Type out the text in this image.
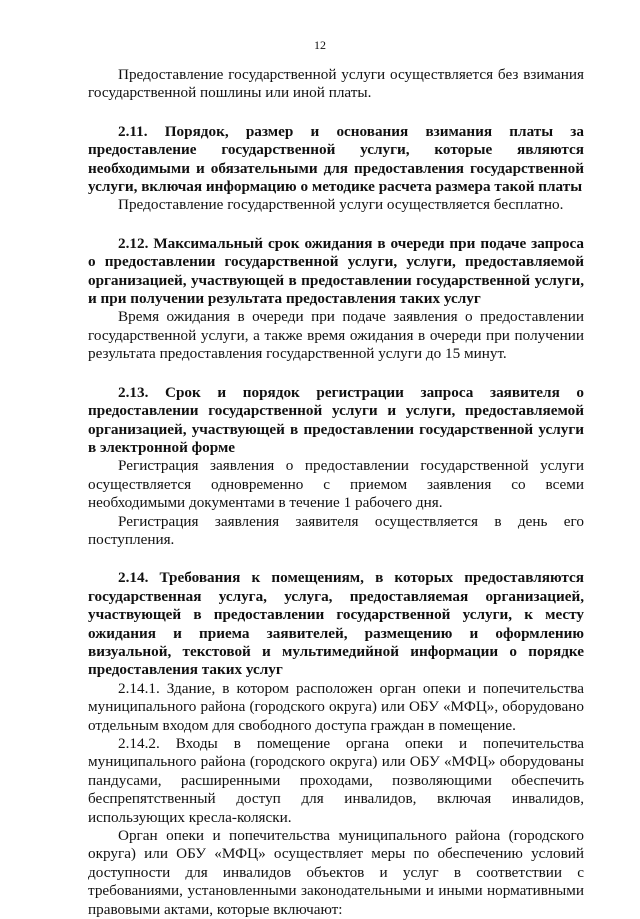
12

Предоставление государственной услуги осуществляется без взимания государственной пошлины или иной платы.

2.11. Порядок, размер и основания взимания платы за предоставление государственной услуги, которые являются необходимыми и обязательными для предоставления государственной услуги, включая информацию о методике расчета размера такой платы

Предоставление государственной услуги осуществляется бесплатно.

2.12. Максимальный срок ожидания в очереди при подаче запроса о предоставлении государственной услуги, услуги, предоставляемой организацией, участвующей в предоставлении государственной услуги, и при получении результата предоставления таких услуг

Время ожидания в очереди при подаче заявления о предоставлении государственной услуги, а также время ожидания в очереди при получении результата предоставления государственной услуги до 15 минут.

2.13. Срок и порядок регистрации запроса заявителя о предоставлении государственной услуги и услуги, предоставляемой организацией, участвующей в предоставлении государственной услуги в электронной форме

Регистрация заявления о предоставлении государственной услуги осуществляется одновременно с приемом заявления со всеми необходимыми документами в течение 1 рабочего дня.

Регистрация заявления заявителя осуществляется в день его поступления.

2.14. Требования к помещениям, в которых предоставляются государственная услуга, услуга, предоставляемая организацией, участвующей в предоставлении государственной услуги, к месту ожидания и приема заявителей, размещению и оформлению визуальной, текстовой и мультимедийной информации о порядке предоставления таких услуг

2.14.1. Здание, в котором расположен орган опеки и попечительства муниципального района (городского округа) или ОБУ «МФЦ», оборудовано отдельным входом для свободного доступа граждан в помещение.

2.14.2. Входы в помещение органа опеки и попечительства муниципального района (городского округа) или ОБУ «МФЦ» оборудованы пандусами, расширенными проходами, позволяющими обеспечить беспрепятственный доступ для инвалидов, включая инвалидов, использующих кресла-коляски.

Орган опеки и попечительства муниципального района (городского округа) или ОБУ «МФЦ» осуществляет меры по обеспечению условий доступности для инвалидов объектов и услуг в соответствии с требованиями, установленными законодательными и иными нормативными правовыми актами, которые включают:
